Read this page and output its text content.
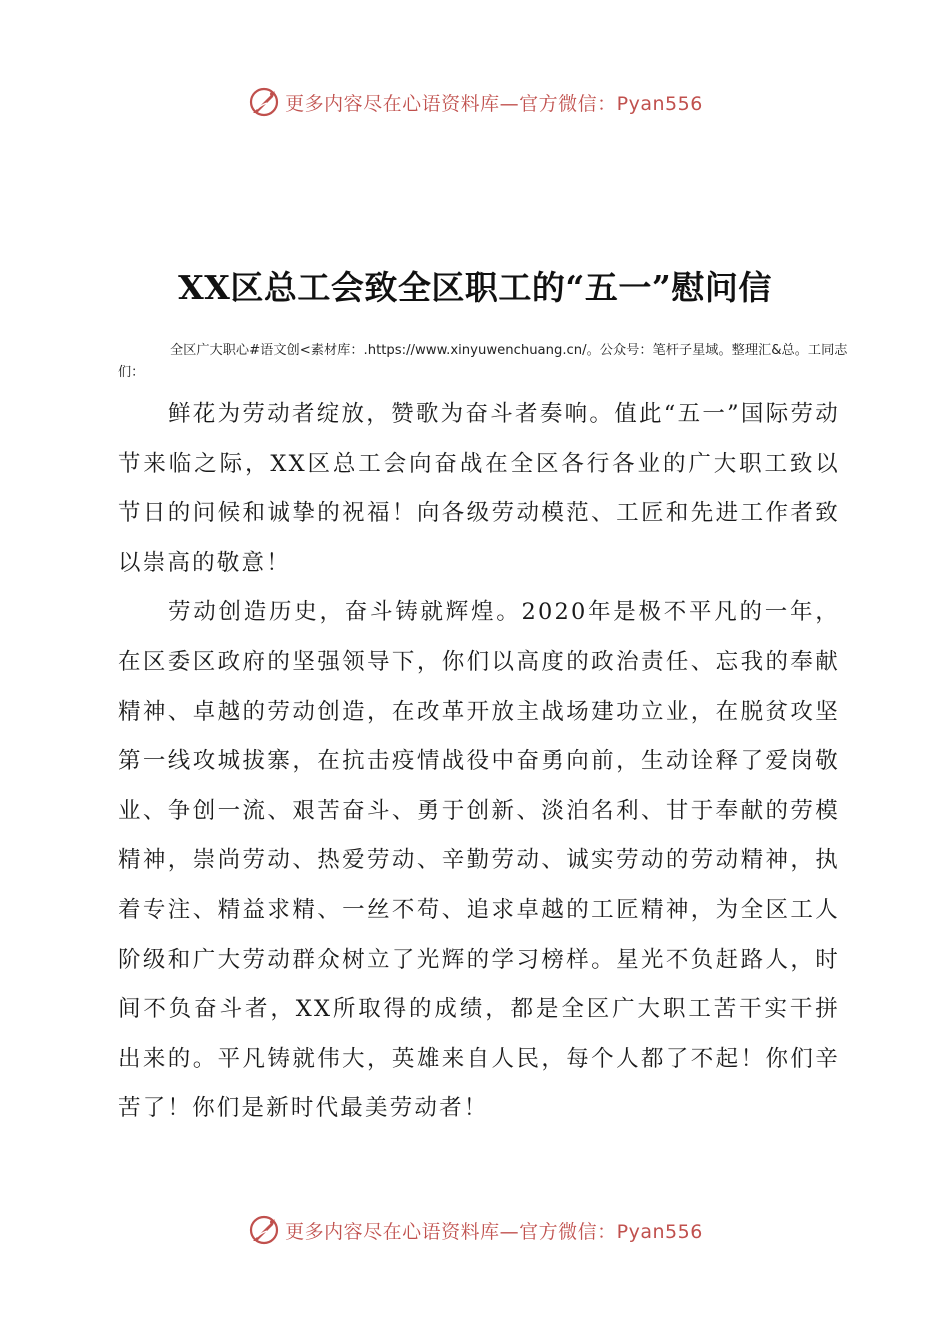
更多内容尽在心语资料库—官方微信：Pyan556
XX区总工会致全区职工的“五一”慰问信

全区广大职心#语文创<素材库：.https://www.xinyuwenchuang.cn/。公众号：笔杆子星域。整理汇&总。工同志们：

鲜花为劳动者绽放，赞歌为奋斗者奏响。值此“五一”国际劳动节来临之际，XX区总工会向奋战在全区各行各业的广大职工致以节日的问候和诚挚的祝福！向各级劳动模范、工匠和先进工作者致以崇高的敬意！

劳动创造历史，奋斗铸就辉煌。2020年是极不平凡的一年，在区委区政府的坚强领导下，你们以高度的政治责任、忘我的奉献精神、卓越的劳动创造，在改革开放主战场建功立业，在脱贫攻坚第一线攻城拔寨，在抗击疫情战役中奋勇向前，生动诠释了爱岗敬业、争创一流、艰苦奋斗、勇于创新、淡泊名利、甘于奉献的劳模精神，崇尚劳动、热爱劳动、辛勤劳动、诚实劳动的劳动精神，执着专注、精益求精、一丝不苟、追求卓越的工匠精神，为全区工人阶级和广大劳动群众树立了光辉的学习榜样。星光不负赶路人，时间不负奋斗者，XX所取得的成绩，都是全区广大职工苦干实干拼出来的。平凡铸就伟大，英雄来自人民，每个人都了不起！你们辛苦了！你们是新时代最美劳动者！

更多内容尽在心语资料库—官方微信：Pyan556
